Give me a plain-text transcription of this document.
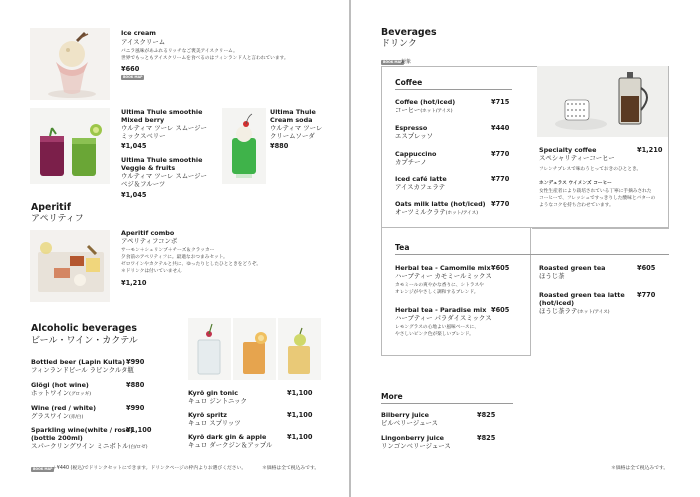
Ice cream
アイスクリーム
バニラ風味があふれるリッチなご褒美アイスクリーム。
世界でもっともアイスクリームを食べるのはフィンランド人と言われています。
¥660
BOOK MAP
Ultima Thule smoothie
Mixed berry
ウルティマ ツーレ スムージー
ミックスベリー
¥1,045
Ultima Thule smoothie
Veggie & fruits
ウルティマ ツーレ スムージー
ベジ＆フルーツ
¥1,045
Ultima Thule
Cream soda
ウルティマ ツーレ
クリームソーダ
¥880
Aperitif
アペリティフ
Aperitif combo
アペリティフコンボ
サーモン＋シュリンプ＋チーズ＆クラッカー
夕食前のアペリティフに。最適なおつまみセット。
ゼロワインやカクテルと共に、ゆったりとしたひとときをどうぞ。
＊ドリンクは付いていません
¥1,210
Alcoholic beverages
ビール・ワイン・カクテル
Bottled beer (Lapin Kulta)
フィンランドビール ラピンクルタ瓶
¥990
Glögi (hot wine)
ホットワイン(グロッギ)
¥880
Wine (red / white)
グラスワイン(赤/白)
¥990
Sparkling wine(white / rose)
(bottle 200ml)
スパークリングワイン ミニボトル(白/ロゼ)
¥1,100
Kyrö gin tonic
キュロ ジントニック
¥1,100
Kyrö spritz
キュロ スプリッツ
¥1,100
Kyrö dark gin & apple
キュロ ダークジン＆アップル
¥1,100
BOOK MAP ＋¥440 (税込)でドリンクセットにできます。ドリンクページの枠内よりお選びください。	＊価格は全て税込みです。
Beverages
ドリンク
BOOK MAP
対象
Coffee
Coffee (hot/iced)
コーヒー(ホット/アイス)
¥715
Espresso
エスプレッソ
¥440
Cappuccino
カプチーノ
¥770
Iced café latte
アイスカフェラテ
¥770
Oats milk latte (hot/iced)
オーツミルクラテ(ホット/アイス)
¥770
Specialty coffee
スペシャリティーコーヒー
¥1,210
フレンチプレスで味わうとっておきのひととき。
ホンデュラス ウイメンズ コーヒー
女性生産者により栽培されている丁寧に手摘みされた
コーヒーで、フレッシュですっきりした酸味とバターの
ようなコクを持ち合わせています。
Tea
Herbal tea - Camomile mix
ハーブティー カモミールミックス
¥605
カモミールの爽やかな香りに、シトラスや
オレンジがやさしく調和するブレンド。
Herbal tea - Paradise mix
ハーブティー パラダイスミックス
¥605
レモングラスの心地よい風味ベースに、
やさしいピンク色が楽しいブレンド。
Roasted green tea
ほうじ茶
¥605
Roasted green tea latte
(hot/iced)
ほうじ茶ラテ(ホット/アイス)
¥770
More
Bilberry juice
ビルベリージュース
¥825
Lingonberry juice
リンゴンベリージュース
¥825
＊価格は全て税込みです。
